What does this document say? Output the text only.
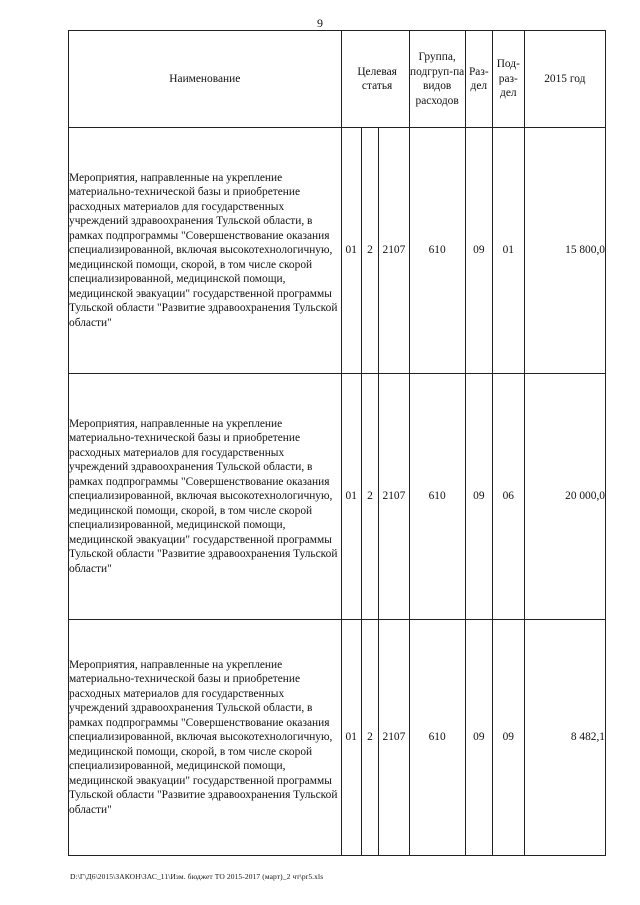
9
Наименование	Целевая статья			Группа, подгруп-па видов расходов	Раз-дел	Под-раз-дел	2015 год

Мероприятия, направленные на укрепление материально-технической базы и приобретение расходных материалов для государственных учреждений здравоохранения Тульской области, в рамках подпрограммы "Совершенствование оказания специализированной, включая высокотехнологичную, медицинской помощи, скорой, в том числе скорой специализированной, медицинской помощи, медицинской эвакуации" государственной программы Тульской области "Развитие здравоохранения Тульской области"	01	2	2107	610	09	01	15 800,0
Мероприятия, направленные на укрепление материально-технической базы и приобретение расходных материалов для государственных учреждений здравоохранения Тульской области, в рамках подпрограммы "Совершенствование оказания специализированной, включая высокотехнологичную, медицинской помощи, скорой, в том числе скорой специализированной, медицинской помощи, медицинской эвакуации" государственной программы Тульской области "Развитие здравоохранения Тульской области"	01	2	2107	610	09	06	20 000,0
Мероприятия, направленные на укрепление материально-технической базы и приобретение расходных материалов для государственных учреждений здравоохранения Тульской области, в рамках подпрограммы "Совершенствование оказания специализированной, включая высокотехнологичную, медицинской помощи, скорой, в том числе скорой специализированной, медицинской помощи, медицинской эвакуации" государственной программы Тульской области "Развитие здравоохранения Тульской области"	01	2	2107	610	09	09	8 482,1
D:\Г\Д6\2015\ЗАКОН\ЗАС_11\Изм. бюджет ТО 2015-2017 (март)_2 чт\pr5.xls
